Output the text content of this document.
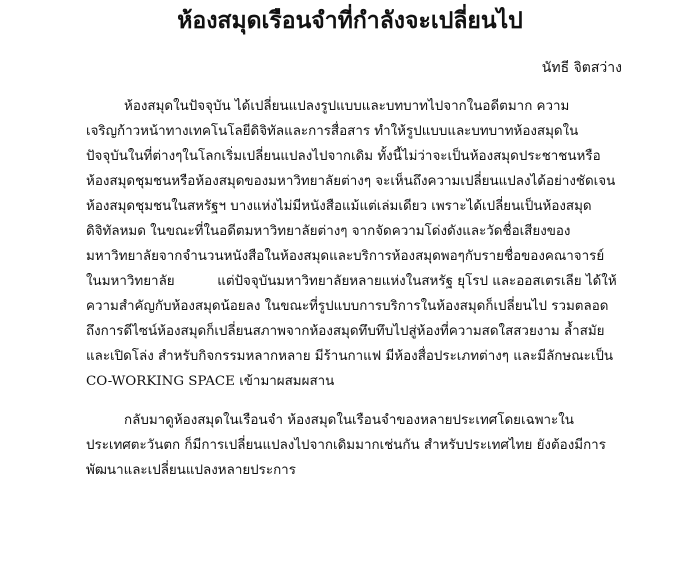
ห้องสมุดเรือนจำที่กำลังจะเปลี่ยนไป
นัทธี จิตสว่าง
ห้องสมุดในปัจจุบัน ได้เปลี่ยนแปลงรูปแบบและบทบาทไปจากในอดีตมาก ความ
เจริญก้าวหน้าทางเทคโนโลยีดิจิทัลและการสื่อสาร ทำให้รูปแบบและบทบาทห้องสมุดใน
ปัจจุบันในที่ต่างๆในโลกเริ่มเปลี่ยนแปลงไปจากเดิม ทั้งนี้ไม่ว่าจะเป็นห้องสมุดประชาชนหรือ
ห้องสมุดชุมชนหรือห้องสมุดของมหาวิทยาลัยต่างๆ จะเห็นถึงความเปลี่ยนแปลงได้อย่างชัดเจน
ห้องสมุดชุมชนในสหรัฐฯ บางแห่งไม่มีหนังสือแม้แต่เล่มเดียว เพราะได้เปลี่ยนเป็นห้องสมุด
ดิจิทัลหมด ในขณะที่ในอดีตมหาวิทยาลัยต่างๆ จากจัดความโด่งดังและวัดชื่อเสียงของ
มหาวิทยาลัยจากจำนวนหนังสือในห้องสมุดและบริการห้องสมุดพอๆกับรายชื่อของคณาจารย์
ในมหาวิทยาลัย          แต่ปัจจุบันมหาวิทยาลัยหลายแห่งในสหรัฐ ยุโรป และออสเตรเลีย ได้ให้
ความสำคัญกับห้องสมุดน้อยลง ในขณะที่รูปแบบการบริการในห้องสมุดก็เปลี่ยนไป รวมตลอด
ถึงการดีไซน์ห้องสมุดก็เปลี่ยนสภาพจากห้องสมุดทึบทึบไปสู่ห้องที่ความสดใสสวยงาม ล้ำสมัย
และเปิดโล่ง สำหรับกิจกรรมหลากหลาย มีร้านกาแฟ มีห้องสื่อประเภทต่างๆ และมีลักษณะเป็น
CO-WORKING SPACE เข้ามาผสมผสาน
กลับมาดูห้องสมุดในเรือนจำ ห้องสมุดในเรือนจำของหลายประเทศโดยเฉพาะใน
ประเทศตะวันตก ก็มีการเปลี่ยนแปลงไปจากเดิมมากเช่นกัน สำหรับประเทศไทย ยังต้องมีการ
พัฒนาและเปลี่ยนแปลงหลายประการ
